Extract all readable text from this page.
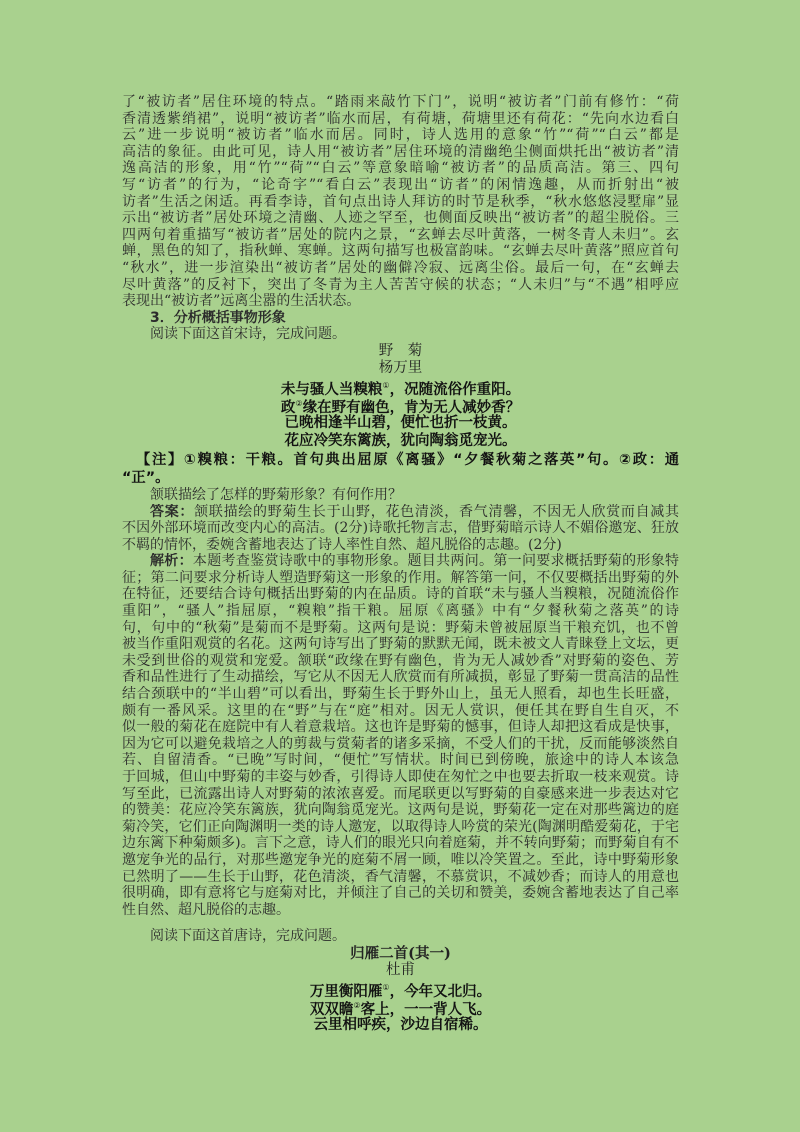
了“被访者”居住环境的特点。“踏雨来敲竹下门”，说明“被访者”门前有修竹：“荷
香清透紫绡裙”，说明“被访者”临水而居，有荷塘，荷塘里还有荷花：“先向水边看白
云”进一步说明“被访者”临水而居。同时，诗人选用的意象“竹”“荷”“白云”都是
高洁的象征。由此可见，诗人用“被访者”居住环境的清幽绝尘侧面烘托出“被访者”清
逸高洁的形象，用“竹”“荷”“白云”等意象暗喻“被访者”的品质高洁。第三、四句
写“访者”的行为，“论奇字”“看白云”表现出“访者”的闲情逸趣，从而折射出“被
访者”生活之闲适。再看李诗，首句点出诗人拜访的时节是秋季，“秋水悠悠浸墅扉”显
示出“被访者”居处环境之清幽、人迹之罕至，也侧面反映出“被访者”的超尘脱俗。三
四两句着重描写“被访者”居处的院内之景，“玄蝉去尽叶黄落，一树冬青人未归”。玄
蝉，黑色的知了，指秋蝉、寒蝉。这两句描写也极富韵味。“玄蝉去尽叶黄落”照应首句
“秋水”，进一步渲染出“被访者”居处的幽僻冷寂、远离尘俗。最后一句，在“玄蝉去
尽叶黄落”的反衬下，突出了冬青为主人苦苦守候的状态；“人未归”与“不遇”相呼应
表现出“被访者”远离尘嚣的生活状态。
3．分析概括事物形象
阅读下面这首宋诗，完成问题。
野　菊
杨万里
未与骚人当糗粮①，况随流俗作重阳。
政②缘在野有幽色，肯为无人减妙香？
已晚相逢半山碧，便忙也折一枝黄。
花应冷笑东篱族，犹向陶翁觅宠光。
【注】①糗粮：干粮。首句典出屈原《离骚》“夕餐秋菊之落英”句。②政：通
“正”。
颔联描绘了怎样的野菊形象？有何作用？
答案：颔联描绘的野菊生长于山野，花色清淡，香气清馨，不因无人欣赏而自减其
不因外部环境而改变内心的高洁。(2分)诗歌托物言志，借野菊暗示诗人不媚俗邀宠、狂放
不羁的情怀，委婉含蓄地表达了诗人率性自然、超凡脱俗的志趣。(2分)
解析：本题考查鉴赏诗歌中的事物形象。题目共两问。第一问要求概括野菊的形象特
征；第二问要求分析诗人塑造野菊这一形象的作用。解答第一问，不仅要概括出野菊的外
在特征，还要结合诗句概括出野菊的内在品质。诗的首联“未与骚人当糗粮，况随流俗作
重阳”，“骚人”指屈原，“糗粮”指干粮。屈原《离骚》中有“夕餐秋菊之落英”的诗
句，句中的“秋菊”是菊而不是野菊。这两句是说：野菊未曾被屈原当干粮充饥，也不曾
被当作重阳观赏的名花。这两句诗写出了野菊的默默无闻，既未被文人青睐登上文坛，更
未受到世俗的观赏和宠爱。颔联“政缘在野有幽色，肯为无人减妙香”对野菊的姿色、芳
香和品性进行了生动描绘，写它从不因无人欣赏而有所减损，彰显了野菊一贯高洁的品性
结合颈联中的“半山碧”可以看出，野菊生长于野外山上，虽无人照看，却也生长旺盛，
颇有一番风采。这里的在“野”与在“庭”相对。因无人赏识，便任其在野自生自灭，不
似一般的菊花在庭院中有人着意栽培。这也许是野菊的憾事，但诗人却把这看成是快事，
因为它可以避免栽培之人的剪裁与赏菊者的诸多采摘，不受人们的干扰，反而能够淡然自
若、自留清香。“已晚”写时间，“便忙”写情状。时间已到傍晚，旅途中的诗人本该急
于回城，但山中野菊的丰姿与妙香，引得诗人即使在匆忙之中也要去折取一枝来观赏。诗
写至此，已流露出诗人对野菊的浓浓喜爱。而尾联更以写野菊的自豪感来进一步表达对它
的赞美：花应冷笑东篱族，犹向陶翁觅宠光。这两句是说，野菊花一定在对那些篱边的庭
菊冷笑，它们正向陶渊明一类的诗人邀宠，以取得诗人吟赏的荣光(陶渊明酷爱菊花，于宅
边东篱下种菊颇多)。言下之意，诗人们的眼光只向着庭菊，并不转向野菊；而野菊自有不
邀宠争光的品行，对那些邀宠争光的庭菊不屑一顾，唯以冷笑置之。至此，诗中野菊形象
已然明了——生长于山野，花色清淡，香气清馨，不慕赏识，不减妙香；而诗人的用意也
很明确，即有意将它与庭菊对比，并倾注了自己的关切和赞美，委婉含蓄地表达了自己率
性自然、超凡脱俗的志趣。
阅读下面这首唐诗，完成问题。
归雁二首(其一)
杜甫
万里衡阳雁①，今年又北归。
双双瞻②客上，一一背人飞。
云里相呼疾，沙边自宿稀。
